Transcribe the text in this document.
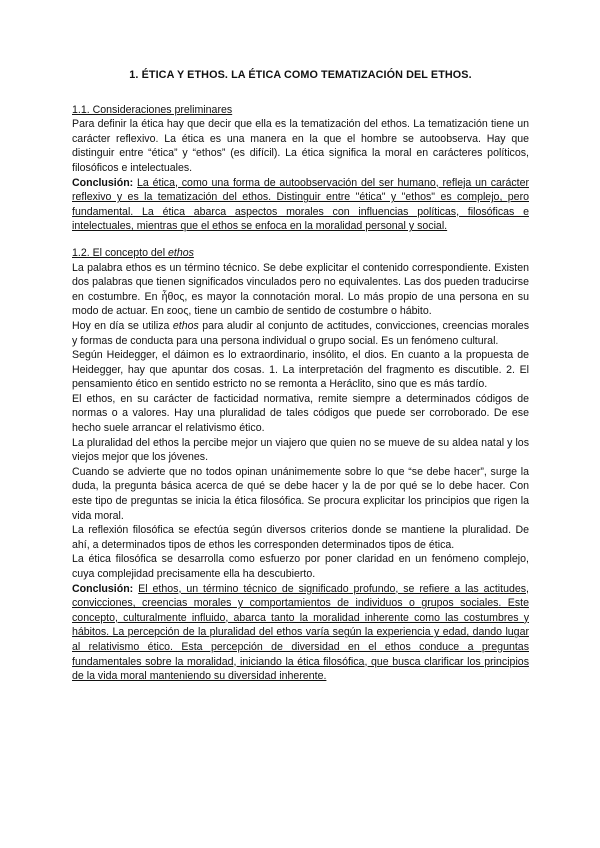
1. ÉTICA Y ETHOS. LA ÉTICA COMO TEMATIZACIÓN DEL ETHOS.

1.1. Consideraciones preliminares

Para definir la ética hay que decir que ella es la tematización del ethos. La tematización tiene un carácter reflexivo. La ética es una manera en la que el hombre se autoobserva. Hay que distinguir entre “ética” y “ethos” (es difícil). La ética significa la moral en carácteres políticos, filosóficos e intelectuales.

Conclusión: La ética, como una forma de autoobservación del ser humano, refleja un carácter reflexivo y es la tematización del ethos. Distinguir entre "ética" y "ethos" es complejo, pero fundamental. La ética abarca aspectos morales con influencias políticas, filosóficas e intelectuales, mientras que el ethos se enfoca en la moralidad personal y social.

1.2. El concepto del ethos

La palabra ethos es un término técnico. Se debe explicitar el contenido correspondiente. Existen dos palabras que tienen significados vinculados pero no equivalentes. Las dos pueden traducirse en costumbre. En ἦθος, es mayor la connotación moral. Lo más propio de una persona en su modo de actuar. En εοος, tiene un cambio de sentido de costumbre o hábito.

Hoy en día se utiliza ethos para aludir al conjunto de actitudes, convicciones, creencias morales y formas de conducta para una persona individual o grupo social. Es un fenómeno cultural.

Según Heidegger, el dáimon es lo extraordinario, insólito, el dios. En cuanto a la propuesta de Heidegger, hay que apuntar dos cosas. 1. La interpretación del fragmento es discutible. 2. El pensamiento ético en sentido estricto no se remonta a Heráclito, sino que es más tardío.

El ethos, en su carácter de facticidad normativa, remite siempre a determinados códigos de normas o a valores. Hay una pluralidad de tales códigos que puede ser corroborado. De ese hecho suele arrancar el relativismo ético.

La pluralidad del ethos la percibe mejor un viajero que quien no se mueve de su aldea natal y los viejos mejor que los jóvenes.

Cuando se advierte que no todos opinan unánimemente sobre lo que “se debe hacer”, surge la duda, la pregunta básica acerca de qué se debe hacer y la de por qué se lo debe hacer. Con este tipo de preguntas se inicia la ética filosófica. Se procura explicitar los principios que rigen la vida moral.

La reflexión filosófica se efectúa según diversos criterios donde se mantiene la pluralidad. De ahí, a determinados tipos de ethos les corresponden determinados tipos de ética.

La ética filosófica se desarrolla como esfuerzo por poner claridad en un fenómeno complejo, cuya complejidad precisamente ella ha descubierto.

Conclusión: El ethos, un término técnico de significado profundo, se refiere a las actitudes, convicciones, creencias morales y comportamientos de individuos o grupos sociales. Este concepto, culturalmente influido, abarca tanto la moralidad inherente como las costumbres y hábitos. La percepción de la pluralidad del ethos varía según la experiencia y edad, dando lugar al relativismo ético. Esta percepción de diversidad en el ethos conduce a preguntas fundamentales sobre la moralidad, iniciando la ética filosófica, que busca clarificar los principios de la vida moral manteniendo su diversidad inherente.
